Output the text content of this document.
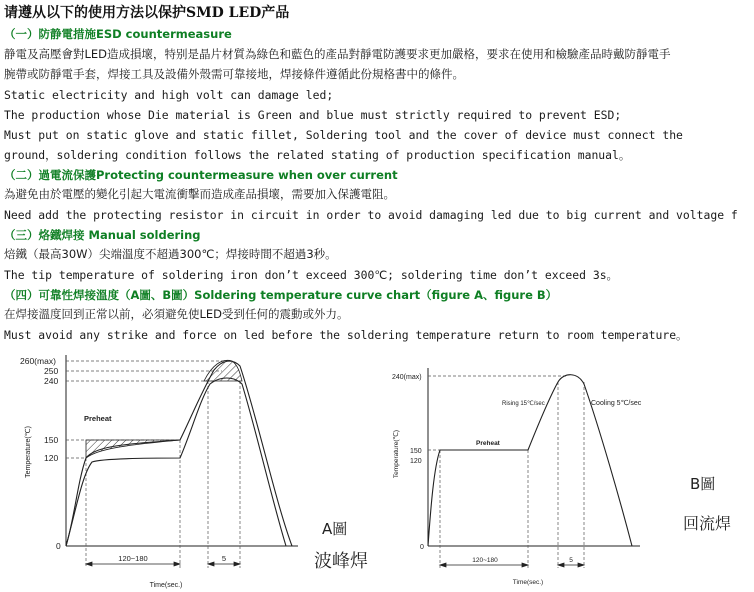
请遵从以下的使用方法以保护SMD LED产品
（一）防静電措施ESD countermeasure
静電及高壓會對LED造成損壞，特别是晶片材質為綠色和藍色的產品對靜電防護要求更加嚴格，要求在使用和檢驗產品時戴防靜電手
腕帶或防靜電手套，焊接工具及設備外殼需可靠接地，焊接條件遵循此份規格書中的條件。
Static electricity and high volt can damage led;
The production whose Die material is Green and blue must strictly required to prevent ESD;
Must put on static glove and static fillet, Soldering tool and the cover of device must connect the
ground，soldering condition follows the related stating of production specification manual。
（二）過電流保護Protecting countermeasure when over current
為避免由於電壓的變化引起大電流衝擊而造成產品損壞，需要加入保護電阻。
Need add the protecting resistor in circuit in order to avoid damaging led due to big current and voltage f
（三）烙鐵焊接 Manual soldering
焙鐵（最高30W）尖端溫度不超過300℃；焊接時間不超過3秒。
The tip temperature of soldering iron don’t exceed 300℃; soldering time don’t exceed 3s。
（四）可靠性焊接溫度（A圖、B圖）Soldering temperature curve chart（figure A、figure B）
在焊接溫度回到正常以前，必須避免使LED受到任何的震動或外力。
Must avoid any strike and force on led before the soldering temperature return to room temperature。
260(max)
250
240
150
120
0
Temperature(℃)
Preheat
120~180	5
Time(sec.)
A圖
波峰焊
240(max)
150
120
0
Temperature(℃)	Preheat
Rising 15℃/sec	Cooling 5℃/sec
120~180	5
Time(sec.)
B圖
回流焊
